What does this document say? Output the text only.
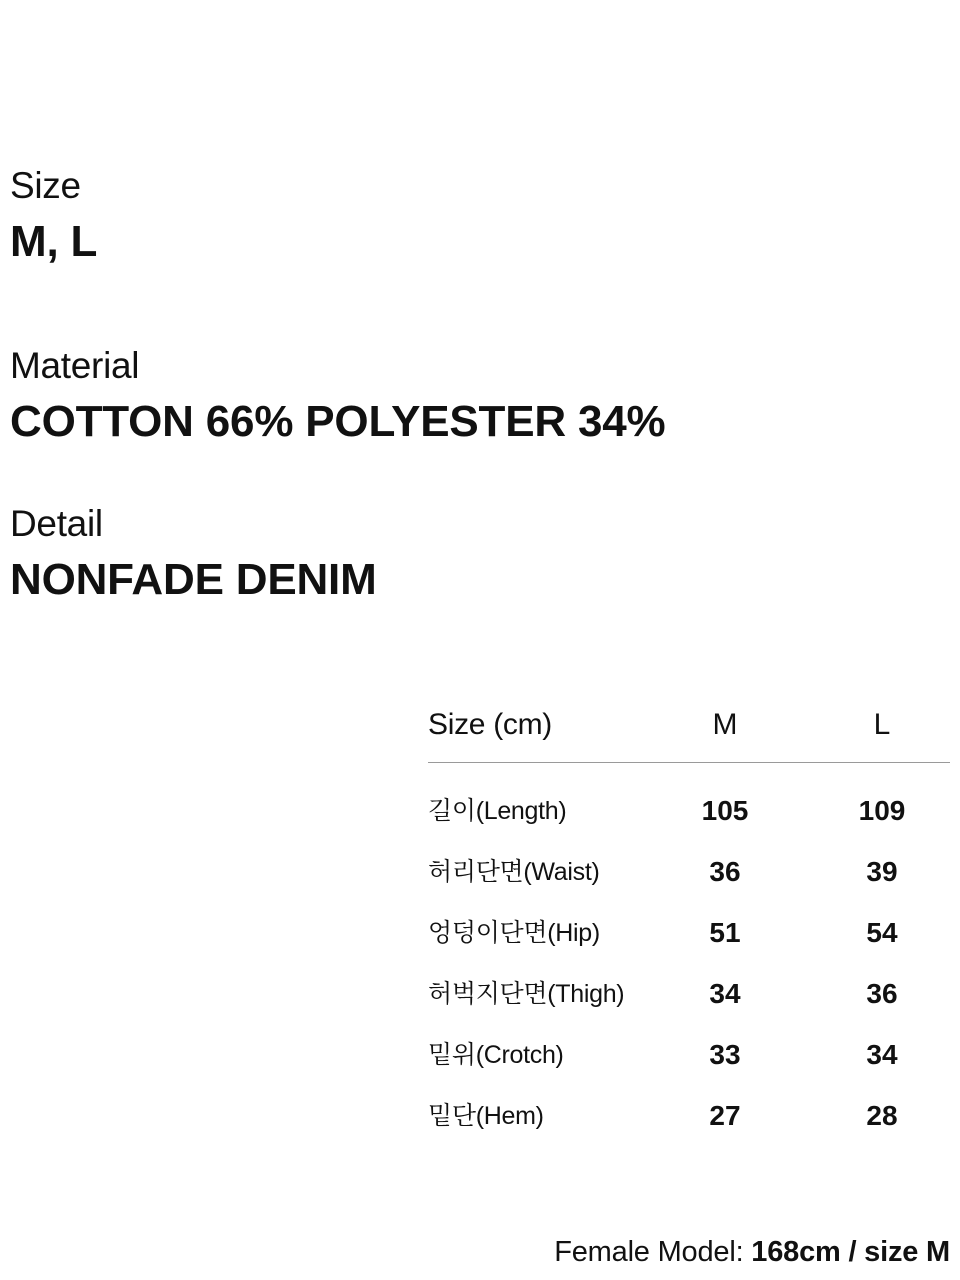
Size
M, L
Material
COTTON 66% POLYESTER 34%
Detail
NONFADE DENIM
Size (cm)	M	L
길이(Length)	105	109
허리단면(Waist)	36	39
엉덩이단면(Hip)	51	54
허벅지단면(Thigh)	34	36
밑위(Crotch)	33	34
밑단(Hem)	27	28
Female Model: 168cm / size M
